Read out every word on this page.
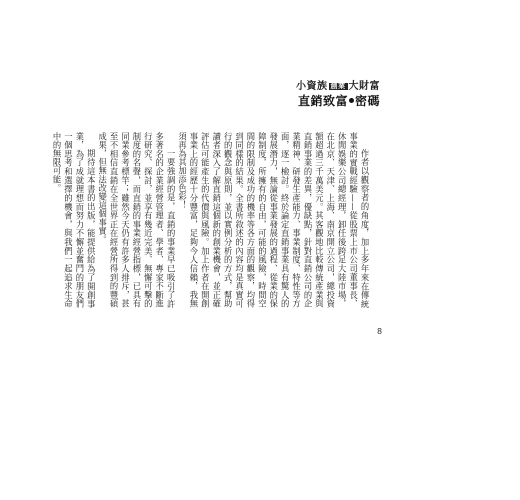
小資族 創業 大財富
直銷致富 密碼

作者以觀察者的角度，加上多年來在傳統事業的實戰經驗——從股票上市公司董事長、休閒娛樂公司總經理，卸任後跨足大陸市場，在北京、天津、上海、南京開立公司，總投資額超過三千萬美元。其客觀地比較傳統產業與直銷事業的差異，優缺點，針對直銷公司的企業精神、研發生產能力、事業制度、特性等方面，逐一檢討。終於論定直銷事業具有驚人的發展潛力，無論從事業發展的過程、從業的保障制度，所擁有的自由，可能的風險，時間空間的限制及成功的機率等各方面的觀察，均得到同樣的結果。全書所敘述的內容均是真實可行的觀念與原則，並以實例分析的方式，幫助讀者深入了解直銷這個新的創業機會，並正確評估可能產生的代價與風險。加上作者在開創事業上的經歷十分豐富，足夠今人信賴，我無須再為其加添色彩！

一要強調的是，直銷的事業早已吸引了許多著名的企業經營管理者、學者、專家不斷進行研究、探討，並享有幾近完美、無懈可擊的制度的名聲，而直銷的事業經營指標，已具有同業參考標竿；雖然今天仍有許多人排斥，甚至不相信直銷在全世界正在經營所得到的豐碩成果，但無法改變這個事實。

期待這本書的出版，能提供給為了開創事業，為了成就理想而努力不懈並奮鬥的朋友們一個思考和選擇的機會，與我們一起追求生命中的無限可能。

8
